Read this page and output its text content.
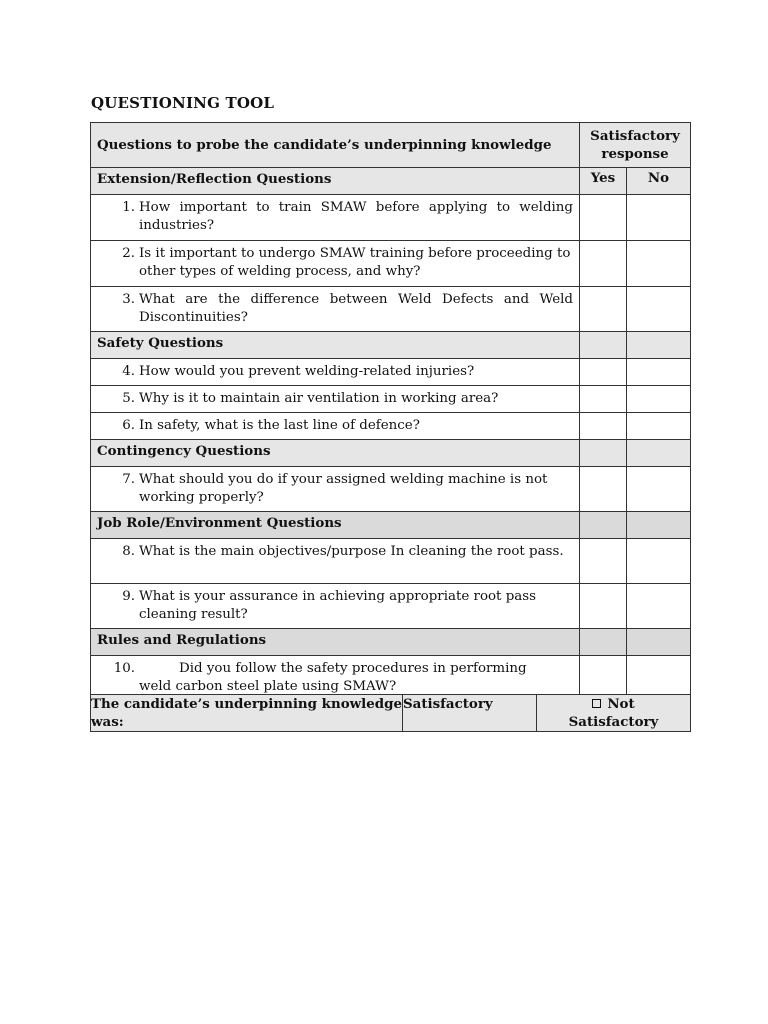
QUESTIONING TOOL
Questions to probe the candidate’s underpinning knowledge	Satisfactory
response	
Extension/Reflection Questions	Yes	No

1. How important to train SMAW before applying to welding industries?		

2. Is it important to undergo SMAW training before proceeding to other types of welding process, and why?		

3. What are the difference between Weld Defects and Weld Discontinuities?		

Safety Questions		

4. How would you prevent welding-related injuries?		

5. Why is it to maintain air ventilation in working area?		

6. In safety, what is the last line of defence?		

Contingency Questions		

7. What should you do if your assigned welding machine is not working properly?		

Job Role/Environment Questions		

8. What is the main objectives/purpose In cleaning the root pass.		

9. What is your assurance in achieving appropriate root pass cleaning result?		

Rules and Regulations		

10. Did you follow the safety procedures in performing
weld carbon steel plate using SMAW?		

The candidate’s underpinning knowledge was:	Satisfactory	Not
Satisfactory
